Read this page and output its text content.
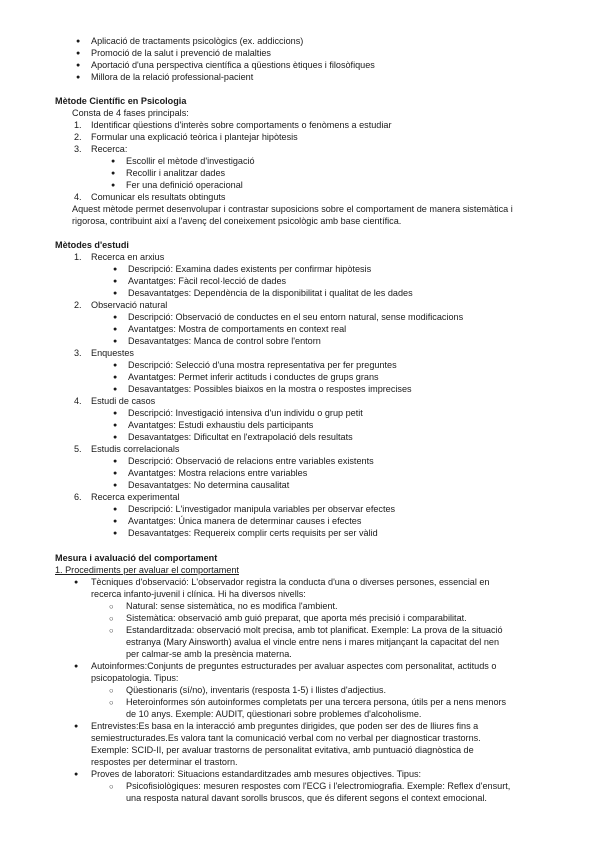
● Aplicació de tractaments psicològics (ex. addiccions)
● Promoció de la salut i prevenció de malalties
● Aportació d'una perspectiva científica a qüestions ètiques i filosòfiques
● Millora de la relació professional-pacient
Mètode Científic en Psicologia
Consta de 4 fases principals:
1. Identificar qüestions d'interès sobre comportaments o fenòmens a estudiar
2. Formular una explicació teòrica i plantejar hipòtesis
3. Recerca:
● Escollir el mètode d'investigació
● Recollir i analitzar dades
● Fer una definició operacional
4. Comunicar els resultats obtinguts
Aquest mètode permet desenvolupar i contrastar suposicions sobre el comportament de manera sistemàtica i
rigorosa, contribuint així a l'avenç del coneixement psicològic amb base científica.
Mètodes d'estudi
1. Recerca en arxius
● Descripció: Examina dades existents per confirmar hipòtesis
● Avantatges: Fàcil recol·lecció de dades
● Desavantatges: Dependència de la disponibilitat i qualitat de les dades
2. Observació natural
● Descripció: Observació de conductes en el seu entorn natural, sense modificacions
● Avantatges: Mostra de comportaments en context real
● Desavantatges: Manca de control sobre l'entorn
3. Enquestes
● Descripció: Selecció d'una mostra representativa per fer preguntes
● Avantatges: Permet inferir actituds i conductes de grups grans
● Desavantatges: Possibles biaixos en la mostra o respostes imprecises
4. Estudi de casos
● Descripció: Investigació intensiva d'un individu o grup petit
● Avantatges: Estudi exhaustiu dels participants
● Desavantatges: Dificultat en l'extrapolació dels resultats
5. Estudis correlacionals
● Descripció: Observació de relacions entre variables existents
● Avantatges: Mostra relacions entre variables
● Desavantatges: No determina causalitat
6. Recerca experimental
● Descripció: L'investigador manipula variables per observar efectes
● Avantatges: Única manera de determinar causes i efectes
● Desavantatges: Requereix complir certs requisits per ser vàlid
Mesura i avaluació del comportament
1. Procediments per avaluar el comportament
● Tècniques d'observació: L'observador registra la conducta d'una o diverses persones, essencial en
recerca infanto-juvenil i clínica. Hi ha diversos nivells:
○ Natural: sense sistemàtica, no es modifica l'ambient.
○ Sistemàtica: observació amb guió preparat, que aporta més precisió i comparabilitat.
○ Estandarditzada: observació molt precisa, amb tot planificat. Exemple: La prova de la situació
estranya (Mary Ainsworth) avalua el vincle entre nens i mares mitjançant la capacitat del nen
per calmar-se amb la presència materna.
● Autoinformes:Conjunts de preguntes estructurades per avaluar aspectes com personalitat, actituds o
psicopatologia. Tipus:
○ Qüestionaris (sí/no), inventaris (resposta 1-5) i llistes d'adjectius.
○ Heteroinformes són autoinformes completats per una tercera persona, útils per a nens menors
de 10 anys. Exemple: AUDIT, qüestionari sobre problemes d'alcoholisme.
● Entrevistes:Es basa en la interacció amb preguntes dirigides, que poden ser des de lliures fins a
semiestructurades.Es valora tant la comunicació verbal com no verbal per diagnosticar trastorns.
Exemple: SCID-II, per avaluar trastorns de personalitat evitativa, amb puntuació diagnòstica de
respostes per determinar el trastorn.
● Proves de laboratori: Situacions estandarditzades amb mesures objectives. Tipus:
○ Psicofisiològiques: mesuren respostes com l'ECG i l'electromiografia. Exemple: Reflex d'ensurt,
una resposta natural davant sorolls bruscos, que és diferent segons el context emocional.
